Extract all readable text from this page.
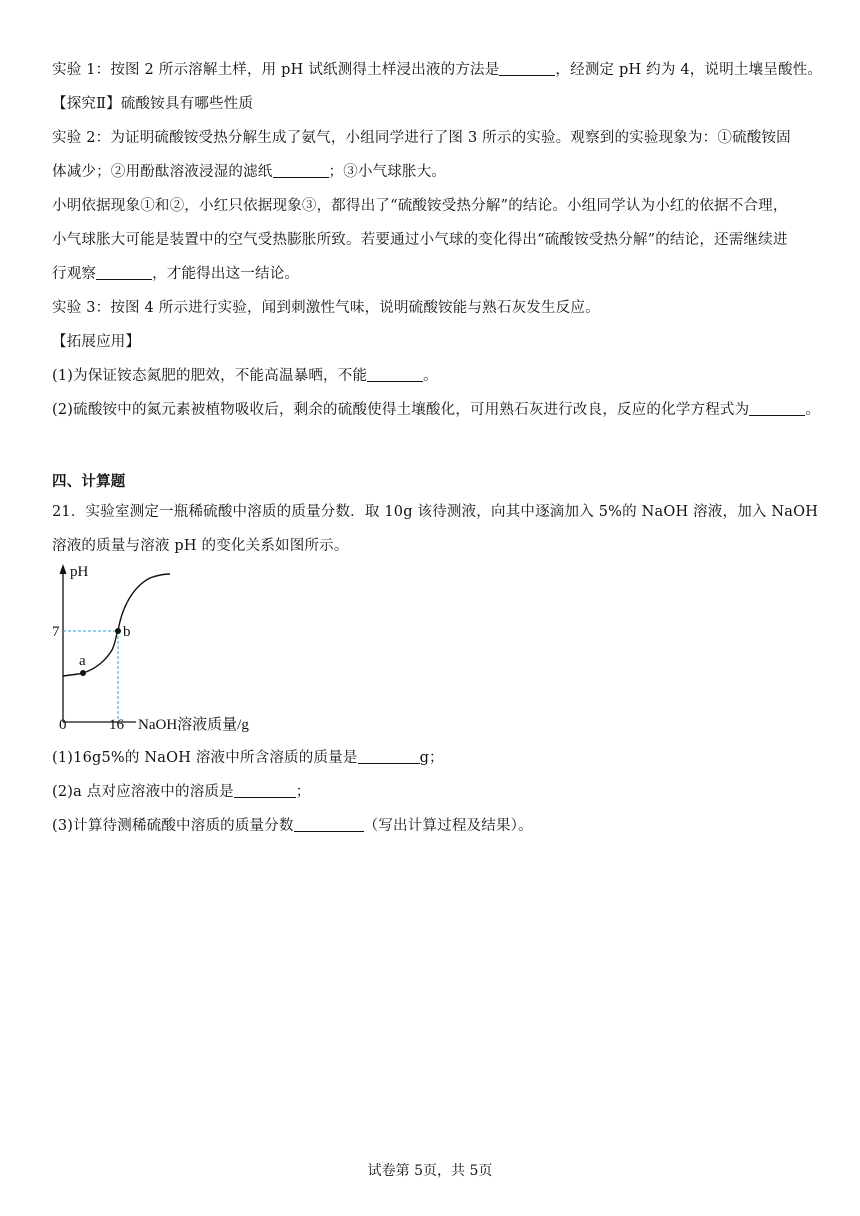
实验 1：按图 2 所示溶解土样，用 pH 试纸测得土样浸出液的方法是	，经测定 pH 约为 4，说明土壤呈酸性。
【探究Ⅱ】硫酸铵具有哪些性质
实验 2：为证明硫酸铵受热分解生成了氨气，小组同学进行了图 3 所示的实验。观察到的实验现象为：①硫酸铵固
体减少；②用酚酞溶液浸湿的滤纸	；③小气球胀大。
小明依据现象①和②，小红只依据现象③，都得出了“硫酸铵受热分解”的结论。小组同学认为小红的依据不合理，
小气球胀大可能是装置中的空气受热膨胀所致。若要通过小气球的变化得出“硫酸铵受热分解”的结论，还需继续进
行观察	，才能得出这一结论。
实验 3：按图 4 所示进行实验，闻到刺激性气味，说明硫酸铵能与熟石灰发生反应。
【拓展应用】
(1)为保证铵态氮肥的肥效，不能高温暴晒，不能	。
(2)硫酸铵中的氮元素被植物吸收后，剩余的硫酸使得土壤酸化，可用熟石灰进行改良，反应的化学方程式为	。
四、计算题
21．实验室测定一瓶稀硫酸中溶质的质量分数．取 10g 该待测液，向其中逐滴加入 5%的 NaOH 溶液，加入 NaOH
溶液的质量与溶液 pH 的变化关系如图所示。
pH
7
a
b
0	16 NaOH溶液质量/g
(1)16g5%的 NaOH 溶液中所含溶质的质量是	g；
(2)a 点对应溶液中的溶质是	；
(3)计算待测稀硫酸中溶质的质量分数	（写出计算过程及结果）。
试卷第 5页，共 5页
